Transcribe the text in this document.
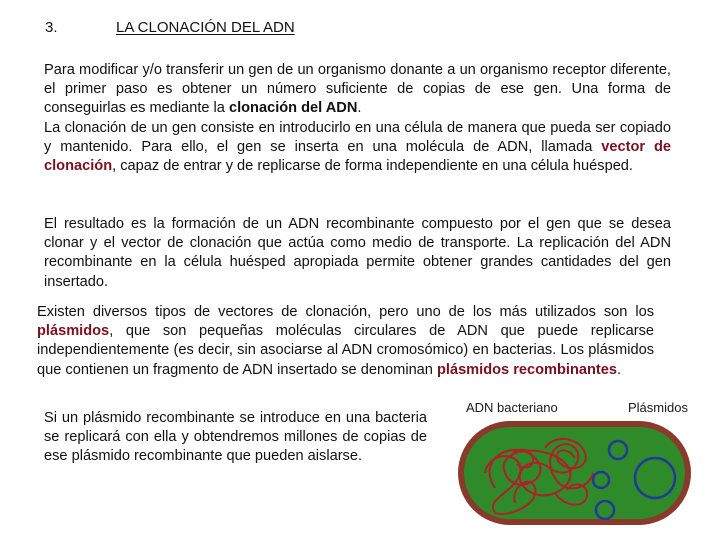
3.	LA CLONACIÓN DEL ADN
Para modificar y/o transferir un gen de un organismo donante a un organismo receptor diferente, el primer paso es obtener un número suficiente de copias de ese gen. Una forma de conseguirlas es mediante la clonación del ADN.
La clonación de un gen consiste en introducirlo en una célula de manera que pueda ser copiado y mantenido. Para ello, el gen se inserta en una molécula de ADN, llamada vector de clonación, capaz de entrar y de replicarse de forma independiente en una célula huésped.
El resultado es la formación de un ADN recombinante compuesto por el gen que se desea clonar y el vector de clonación que actúa como medio de transporte. La replicación del ADN recombinante en la célula huésped apropiada permite obtener grandes cantidades del gen insertado.
Existen diversos tipos de vectores de clonación, pero uno de los más utilizados son los plásmidos, que son pequeñas moléculas circulares de ADN que puede replicarse independientemente (es decir, sin asociarse al ADN cromosómico) en bacterias. Los plásmidos que contienen un fragmento de ADN insertado se denominan plásmidos recombinantes.
Si un plásmido recombinante se introduce en una bacteria se replicará con ella y obtendremos millones de copias de ese plásmido recombinante que pueden aislarse.
ADN bacteriano	Plásmidos
